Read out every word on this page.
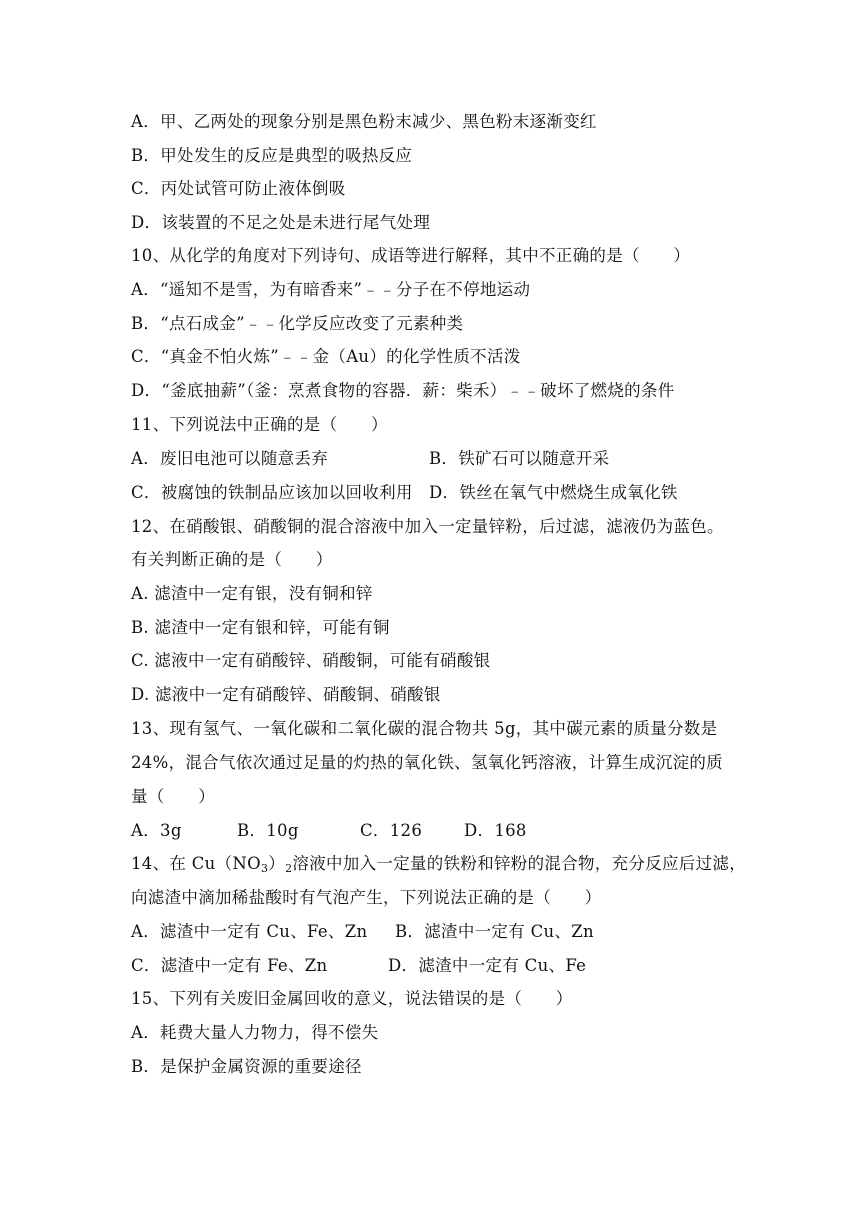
A．甲、乙两处的现象分别是黑色粉末减少、黑色粉末逐渐变红
B．甲处发生的反应是典型的吸热反应
C．丙处试管可防止液体倒吸
D．该装置的不足之处是未进行尾气处理
10、从化学的角度对下列诗句、成语等进行解释，其中不正确的是（　　）
A．“遥知不是雪，为有暗香来”﹣﹣分子在不停地运动
B．“点石成金”﹣﹣化学反应改变了元素种类
C．“真金不怕火炼”﹣﹣金（Au）的化学性质不活泼
D．“釜底抽薪”（釜：烹煮食物的容器．薪：柴禾）﹣﹣破坏了燃烧的条件
11、下列说法中正确的是（　　）
A．废旧电池可以随意丢弃	B．铁矿石可以随意开采
C．被腐蚀的铁制品应该加以回收利用 D．铁丝在氧气中燃烧生成氧化铁
12、在硝酸银、硝酸铜的混合溶液中加入一定量锌粉，后过滤，滤液仍为蓝色。
有关判断正确的是（　　）
A. 滤渣中一定有银，没有铜和锌
B. 滤渣中一定有银和锌，可能有铜
C. 滤液中一定有硝酸锌、硝酸铜，可能有硝酸银
D. 滤液中一定有硝酸锌、硝酸铜、硝酸银
13、现有氢气、一氧化碳和二氧化碳的混合物共 5g，其中碳元素的质量分数是
24%，混合气依次通过足量的灼热的氧化铁、氢氧化钙溶液，计算生成沉淀的质
量（　　）
A．3g	B．10g	C．126	D．168
14、在 $Cu(NO_3)_2$溶液中加入一定量的铁粉和锌粉的混合物，充分反应后过滤，
向滤渣中滴加稀盐酸时有气泡产生，下列说法正确的是（　　）
A．滤渣中一定有 Cu、Fe、Zn B．滤渣中一定有 Cu、Zn
C．滤渣中一定有 Fe、Zn	D．滤渣中一定有 Cu、Fe
15、下列有关废旧金属回收的意义，说法错误的是（　　）
A．耗费大量人力物力，得不偿失
B．是保护金属资源的重要途径
